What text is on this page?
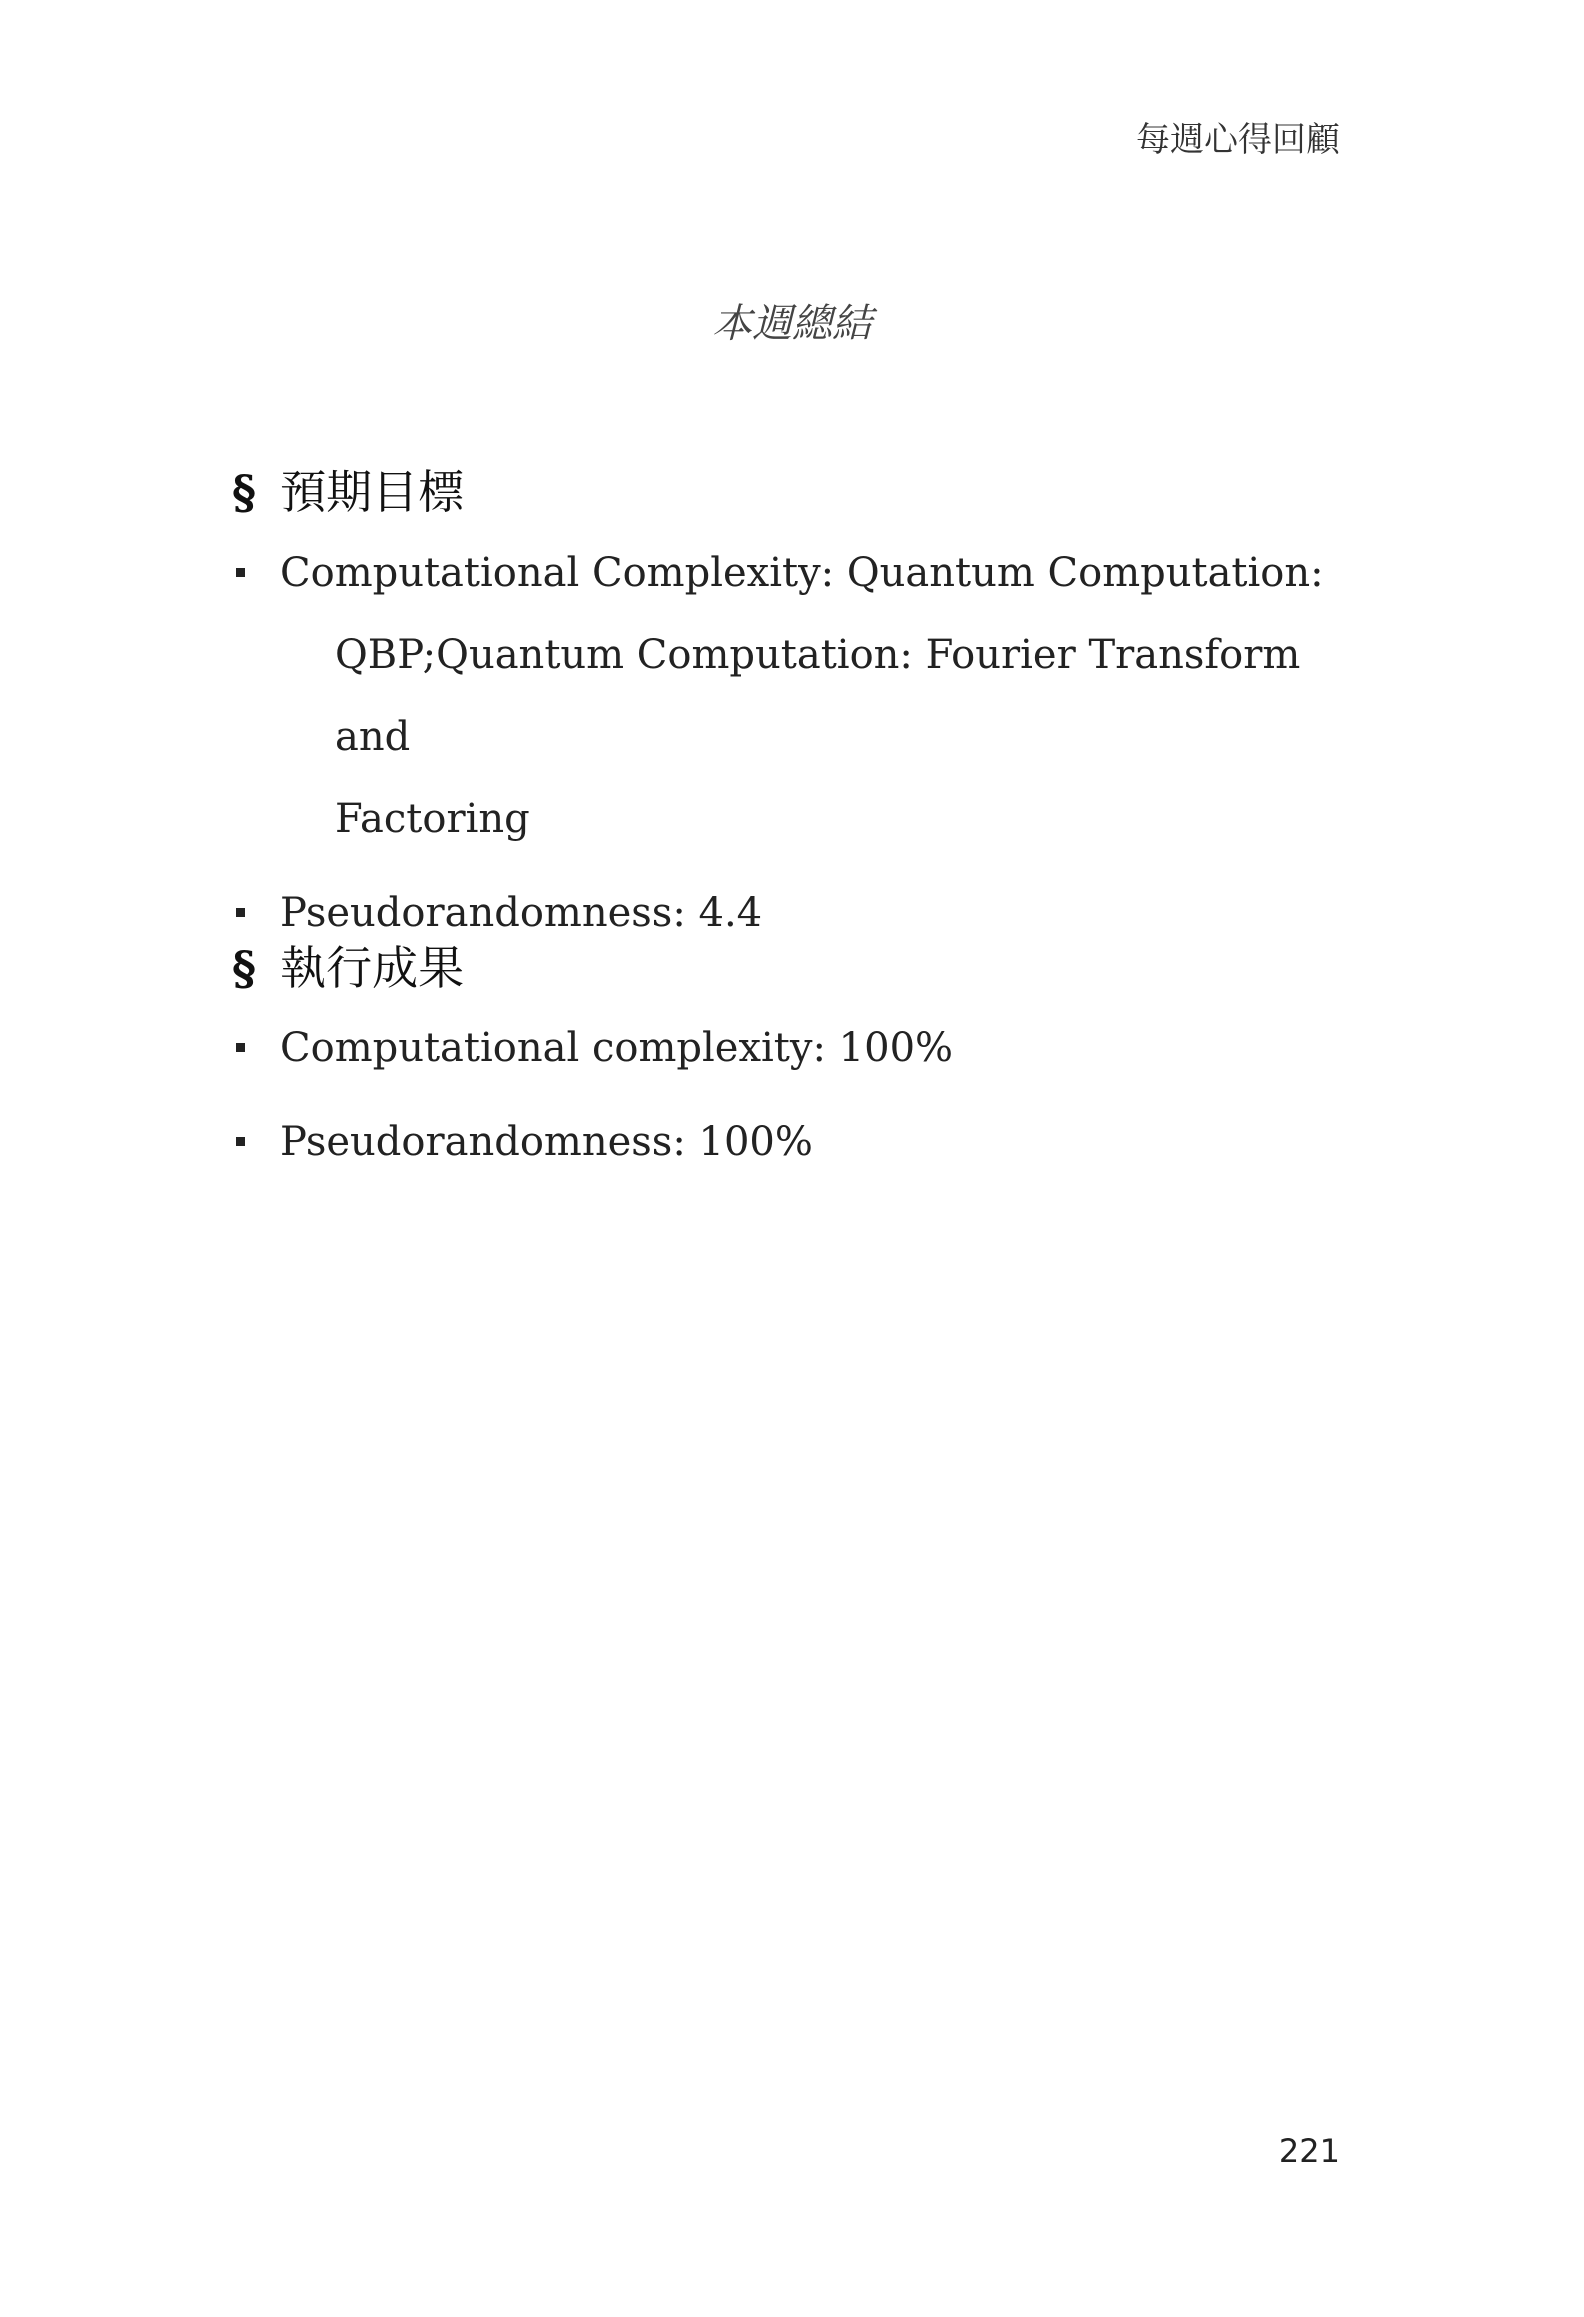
每週心得回顧
本週總結
§ 預期目標
Computational Complexity: Quantum Computation:
QBP;Quantum Computation: Fourier Transform and
Factoring
Pseudorandomness: 4.4
§ 執行成果
Computational complexity: 100%
Pseudorandomness: 100%
221
